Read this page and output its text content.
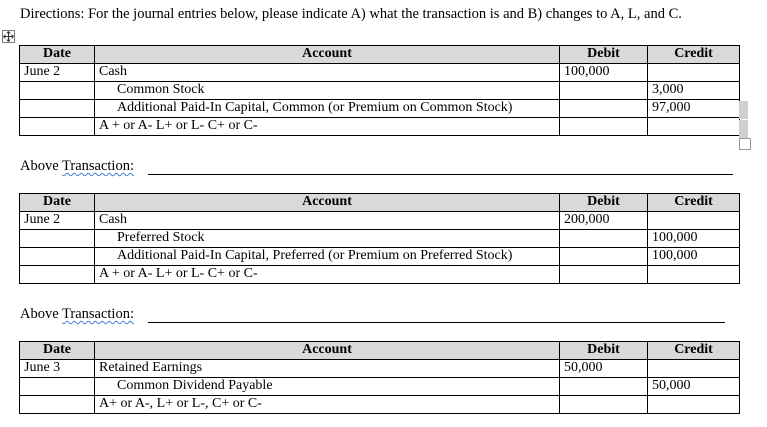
Directions: For the journal entries below, please indicate A) what the transaction is and B) changes to A, L, and C.
Date	Account	Debit	Credit
June 2	Cash	100,000	
	Common Stock		3,000
	Additional Paid-In Capital, Common (or Premium on Common Stock)		97,000
	A + or A- L+ or L- C+ or C-		
Above Transaction:
Date	Account	Debit	Credit
June 2	Cash	200,000	
	Preferred Stock		100,000
	Additional Paid-In Capital, Preferred (or Premium on Preferred Stock)		100,000
	A + or A- L+ or L- C+ or C-		
Above Transaction:
Date	Account	Debit	Credit
June 3	Retained Earnings	50,000	
	Common Dividend Payable		50,000
	A+ or A-, L+ or L-, C+ or C-		
